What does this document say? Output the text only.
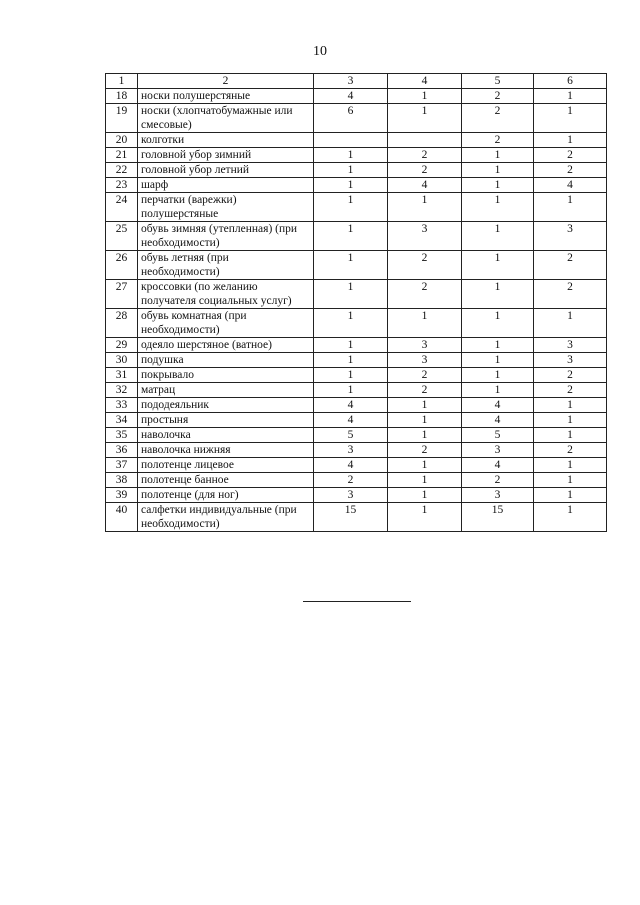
10
1	2	3	4	5	6
18	носки полушерстяные	4	1	2	1
19	носки (хлопчатобумажные или смесовые)	6	1	2	1
20	колготки			2	1
21	головной убор зимний	1	2	1	2
22	головной убор летний	1	2	1	2
23	шарф	1	4	1	4
24	перчатки (варежки) полушерстяные	1	1	1	1
25	обувь зимняя (утепленная) (при необходимости)	1	3	1	3
26	обувь летняя (при необходимости)	1	2	1	2
27	кроссовки (по желанию получателя социальных услуг)	1	2	1	2
28	обувь комнатная (при необходимости)	1	1	1	1
29	одеяло шерстяное (ватное)	1	3	1	3
30	подушка	1	3	1	3
31	покрывало	1	2	1	2
32	матрац	1	2	1	2
33	пододеяльник	4	1	4	1
34	простыня	4	1	4	1
35	наволочка	5	1	5	1
36	наволочка нижняя	3	2	3	2
37	полотенце лицевое	4	1	4	1
38	полотенце банное	2	1	2	1
39	полотенце (для ног)	3	1	3	1
40	салфетки индивидуальные (при необходимости)	15	1	15	1
